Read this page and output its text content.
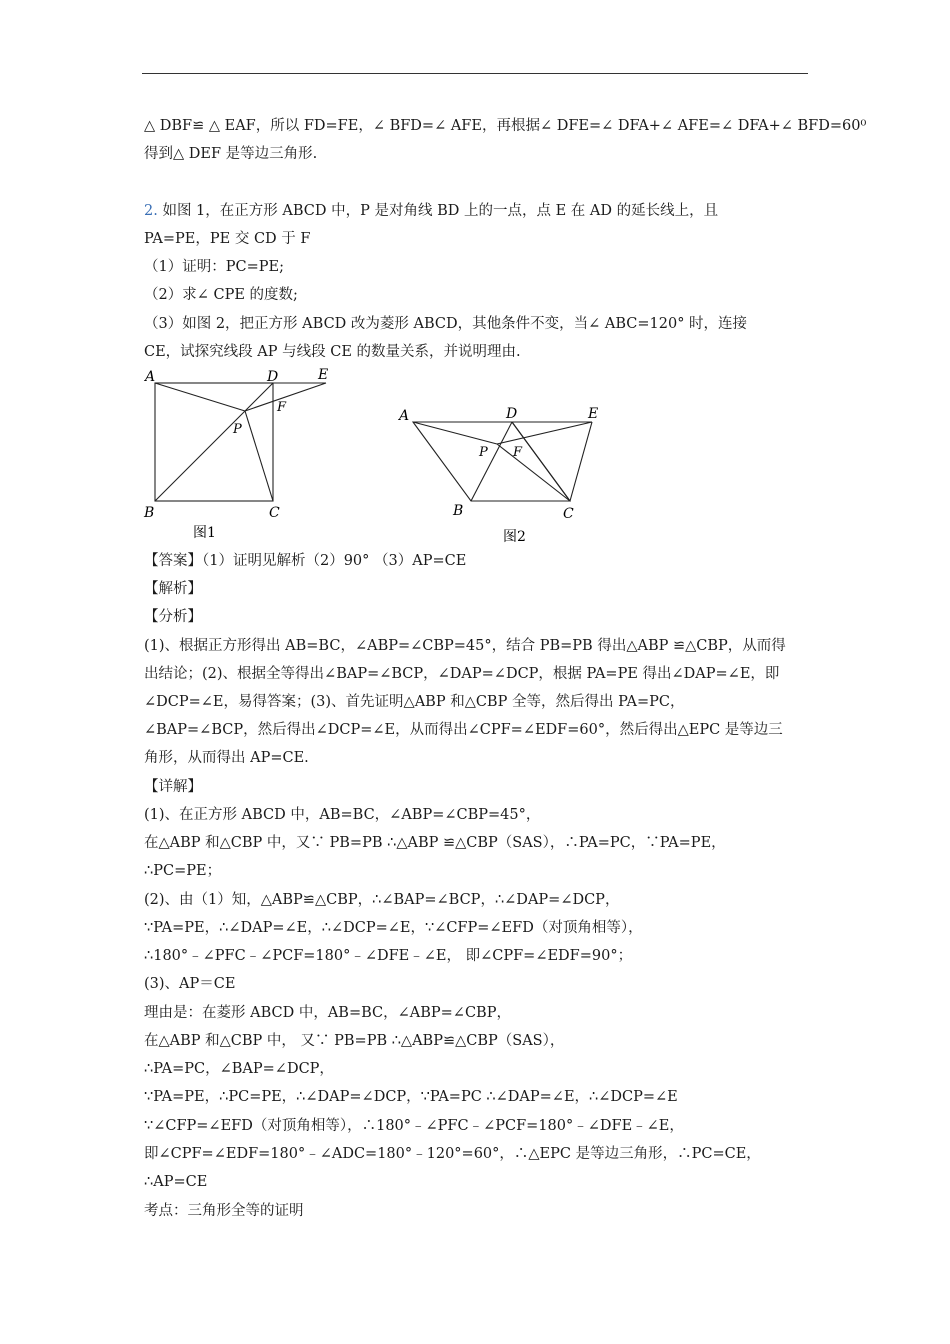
△ DBF≌ △ EAF，所以 FD=FE，∠ BFD=∠ AFE，再根据∠ DFE=∠ DFA+∠ AFE=∠ DFA+∠ BFD=60⁰
得到△ DEF 是等边三角形.
2. 如图 1，在正方形 ABCD 中，P 是对角线 BD 上的一点，点 E 在 AD 的延长线上，且
PA=PE，PE 交 CD 于 F
（1）证明：PC=PE;
（2）求∠ CPE 的度数;
（3）如图 2，把正方形 ABCD 改为菱形 ABCD，其他条件不变，当∠ ABC=120° 时，连接
CE，试探究线段 AP 与线段 CE 的数量关系，并说明理由.
A	D	E
F
P
B	C
图1
A	D	E
P F
B	C
图2
【答案】（1）证明见解析（2）90° （3）AP=CE
【解析】
【分析】
(1)、根据正方形得出 AB=BC，∠ABP=∠CBP=45°，结合 PB=PB 得出△ABP ≌△CBP，从而得
出结论；(2)、根据全等得出∠BAP=∠BCP，∠DAP=∠DCP，根据 PA=PE 得出∠DAP=∠E，即
∠DCP=∠E，易得答案；(3)、首先证明△ABP 和△CBP 全等，然后得出 PA=PC，
∠BAP=∠BCP，然后得出∠DCP=∠E，从而得出∠CPF=∠EDF=60°，然后得出△EPC 是等边三
角形，从而得出 AP=CE.
【详解】
(1)、在正方形 ABCD 中，AB=BC，∠ABP=∠CBP=45°，
在△ABP 和△CBP 中，又∵ PB=PB ∴△ABP ≌△CBP（SAS），∴PA=PC，∵PA=PE，
∴PC=PE；
(2)、由（1）知，△ABP≌△CBP，∴∠BAP=∠BCP，∴∠DAP=∠DCP，
∵PA=PE，∴∠DAP=∠E，∴∠DCP=∠E，∵∠CFP=∠EFD（对顶角相等），
∴180°﹣∠PFC﹣∠PCF=180°﹣∠DFE﹣∠E， 即∠CPF=∠EDF=90°；
(3)、AP＝CE
理由是：在菱形 ABCD 中，AB=BC，∠ABP=∠CBP，
在△ABP 和△CBP 中， 又∵ PB=PB ∴△ABP≌△CBP（SAS），
∴PA=PC，∠BAP=∠DCP，
∵PA=PE，∴PC=PE，∴∠DAP=∠DCP，∵PA=PC ∴∠DAP=∠E，∴∠DCP=∠E
∵∠CFP=∠EFD（对顶角相等），∴180°﹣∠PFC﹣∠PCF=180°﹣∠DFE﹣∠E，
即∠CPF=∠EDF=180°﹣∠ADC=180°﹣120°=60°，∴△EPC 是等边三角形，∴PC=CE，
∴AP=CE
考点：三角形全等的证明
